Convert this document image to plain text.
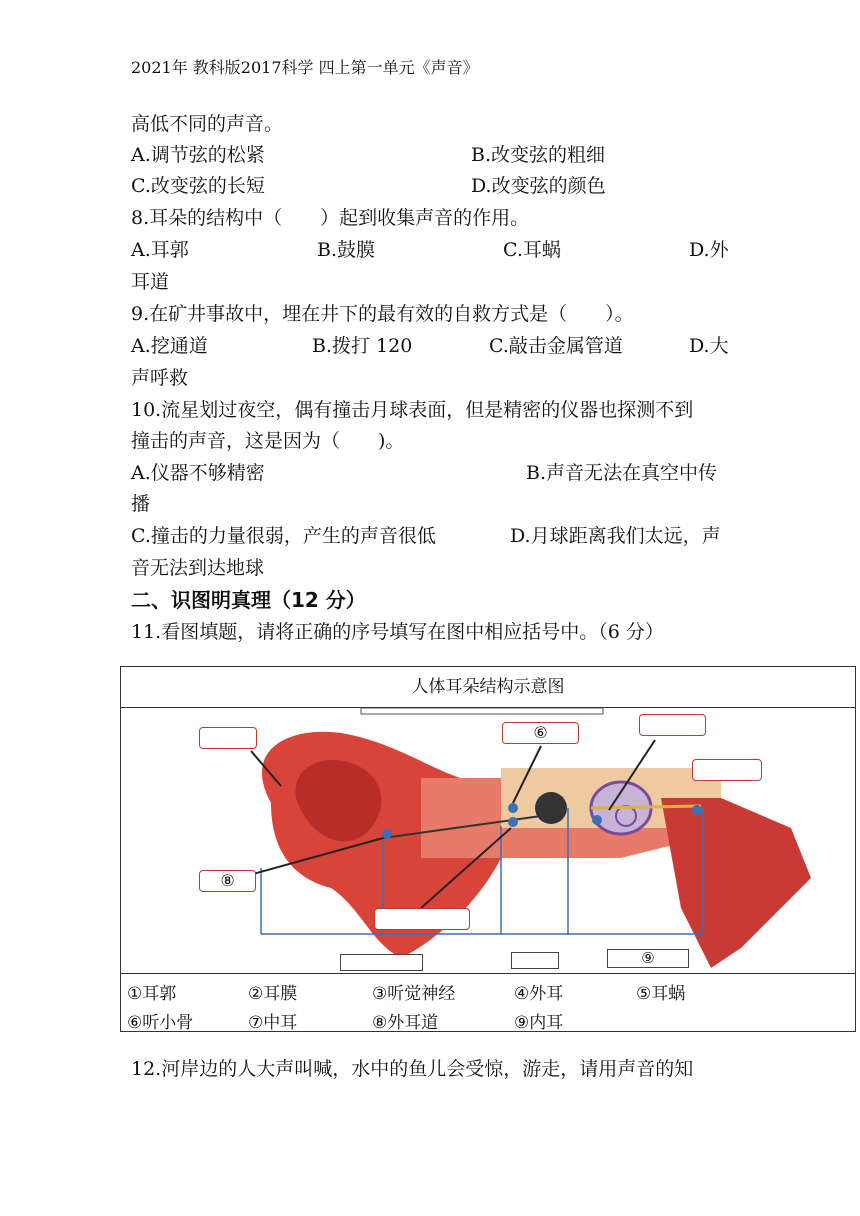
2021年 教科版2017科学 四上第一单元《声音》
高低不同的声音。
A.调节弦的松紧	B.改变弦的粗细
C.改变弦的长短	D.改变弦的颜色
8.耳朵的结构中（　　）起到收集声音的作用。
A.耳郭	B.鼓膜	C.耳蜗	D.外
耳道
9.在矿井事故中，埋在井下的最有效的自救方式是（　　）。
A.挖通道	B.拨打 120	C.敲击金属管道	D.大
声呼救
10.流星划过夜空，偶有撞击月球表面，但是精密的仪器也探测不到
撞击的声音，这是因为（　　)。
A.仪器不够精密	B.声音无法在真空中传
播
C.撞击的力量很弱，产生的声音很低	D.月球距离我们太远，声
音无法到达地球
二、识图明真理（12 分）
11.看图填题，请将正确的序号填写在图中相应括号中。（6 分）
人体耳朵结构示意图
⑥
⑧
⑨
①耳郭	②耳膜	③听觉神经	④外耳	⑤耳蜗
⑥听小骨	⑦中耳	⑧外耳道	⑨内耳
12.河岸边的人大声叫喊，水中的鱼儿会受惊，游走，请用声音的知
